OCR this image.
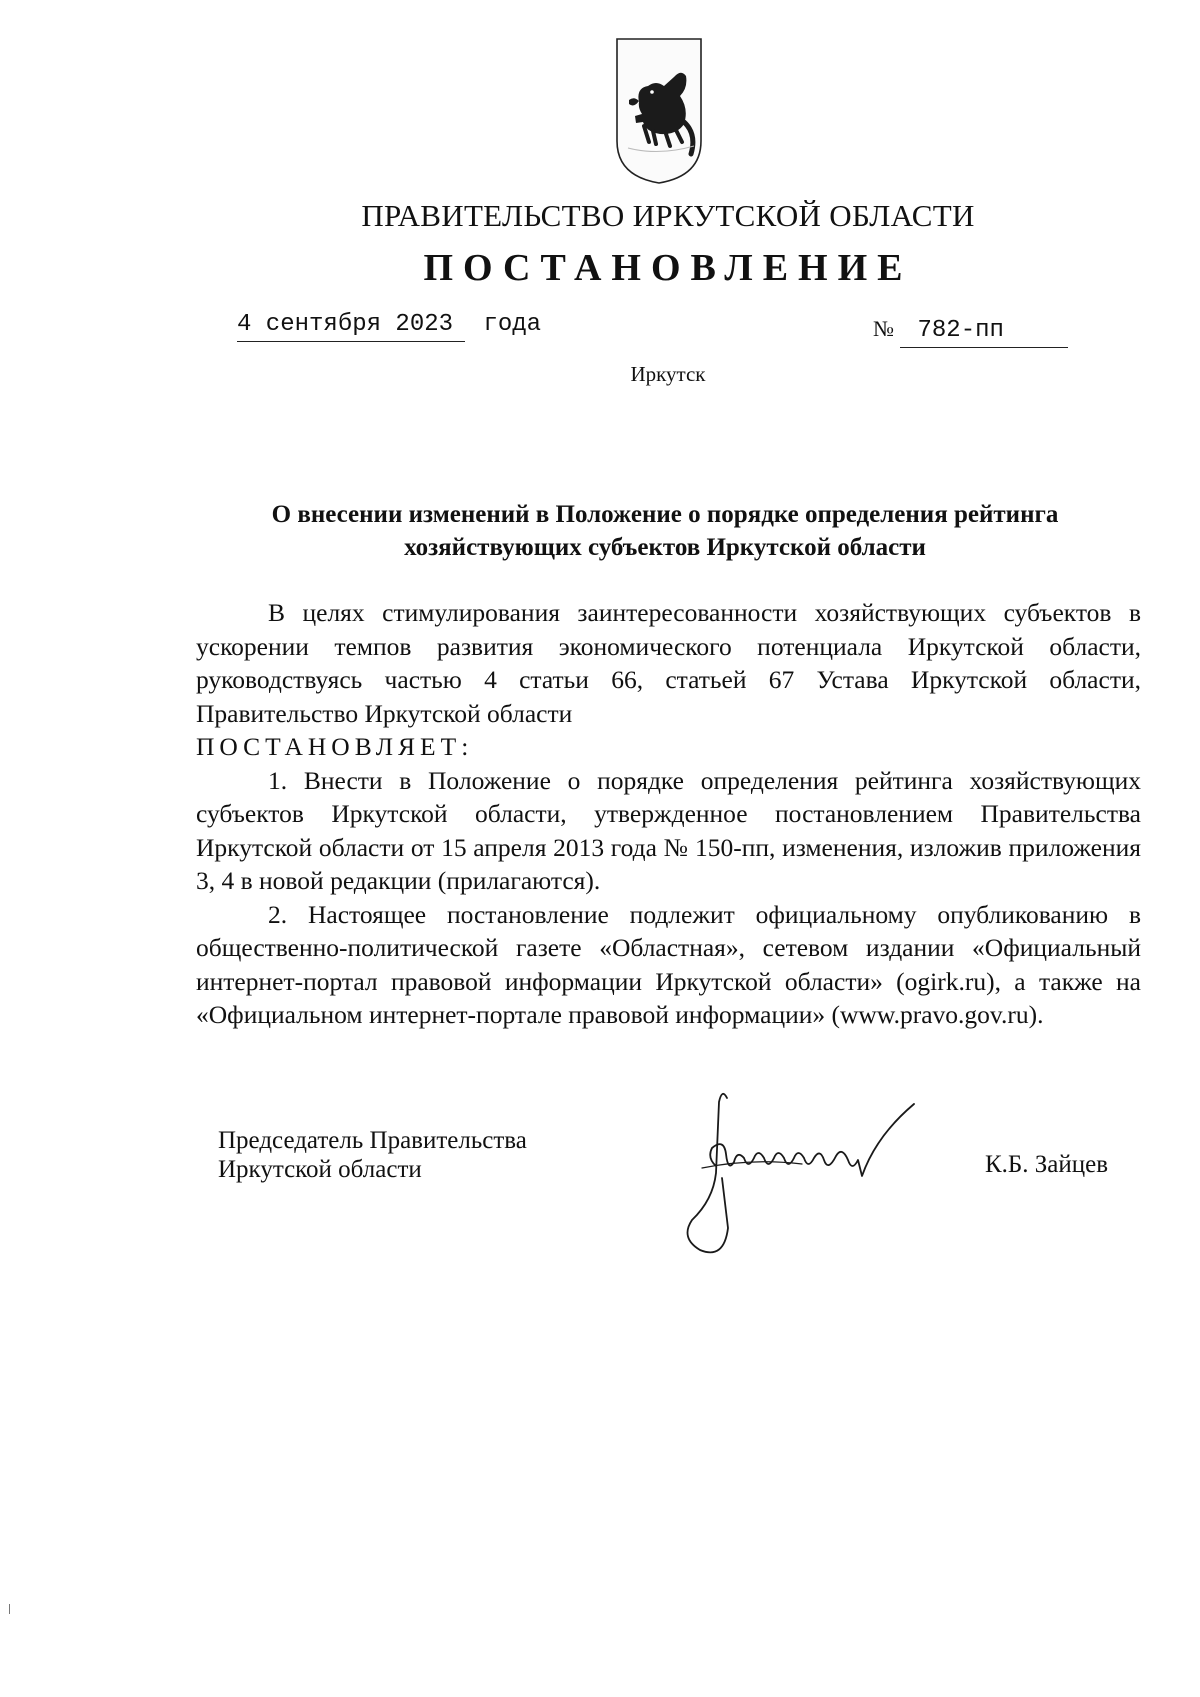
ПРАВИТЕЛЬСТВО ИРКУТСКОЙ ОБЛАСТИ
ПОСТАНОВЛЕНИЕ
4 сентября 2023 года	№ 782-пп
Иркутск
О внесении изменений в Положение о порядке определения рейтинга
хозяйствующих субъектов Иркутской области

В целях стимулирования заинтересованности хозяйствующих субъектов в ускорении темпов развития экономического потенциала Иркутской области, руководствуясь частью 4 статьи 66, статьей 67 Устава Иркутской области, Правительство Иркутской области

ПОСТАНОВЛЯЕТ:

1. Внести в Положение о порядке определения рейтинга хозяйствующих субъектов Иркутской области, утвержденное постановлением Правительства Иркутской области от 15 апреля 2013 года № 150-пп, изменения, изложив приложения 3, 4 в новой редакции (прилагаются).

2. Настоящее постановление подлежит официальному опубликованию в общественно-политической газете «Областная», сетевом издании «Официальный интернет-портал правовой информации Иркутской области» (ogirk.ru), а также на «Официальном интернет-портале правовой информации» (www.pravo.gov.ru).

Председатель Правительства
Иркутской области	К.Б. Зайцев
